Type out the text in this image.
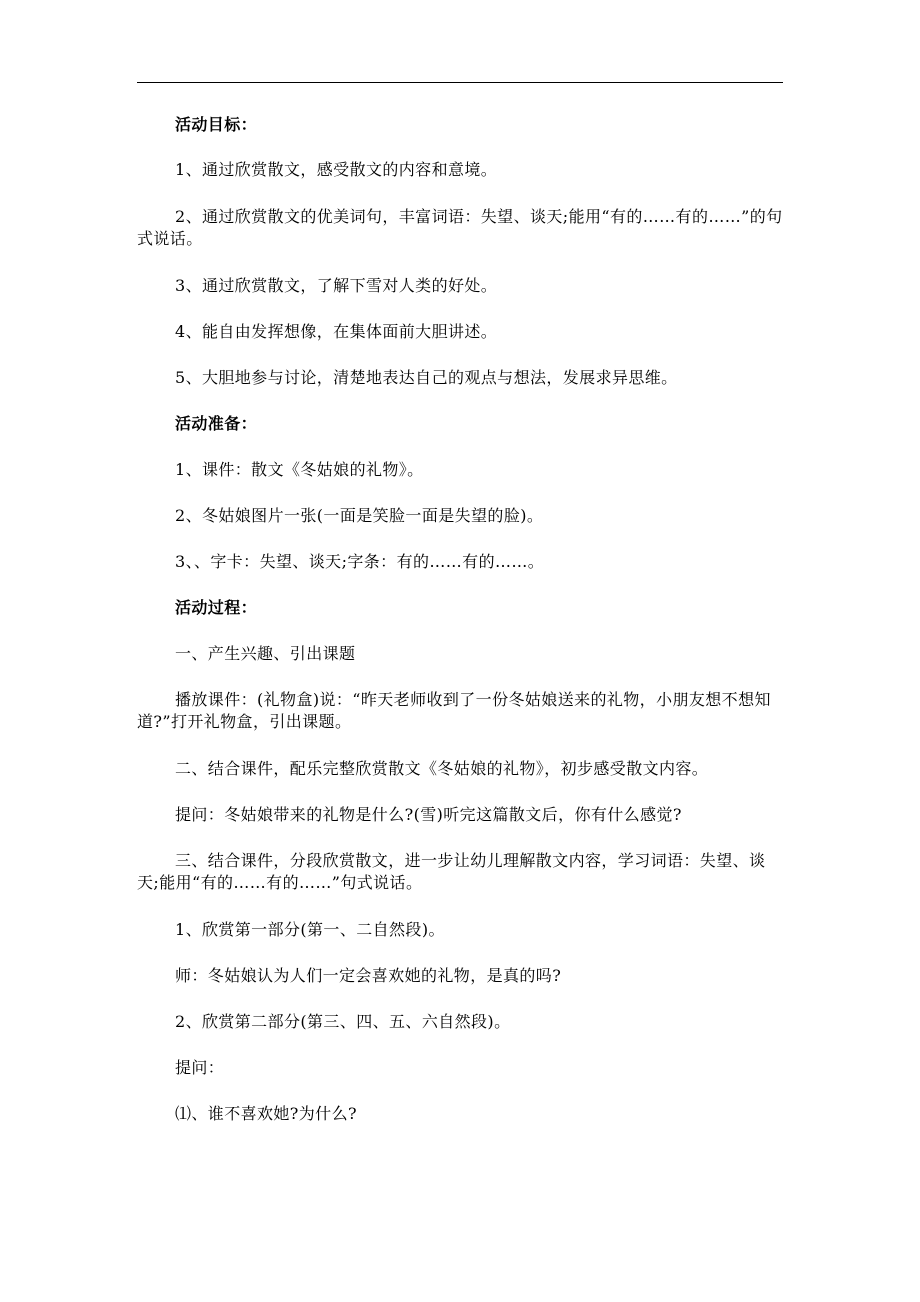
活动目标：
1、通过欣赏散文，感受散文的内容和意境。
2、通过欣赏散文的优美词句，丰富词语：失望、谈天;能用“有的……有的……”的句式说话。
3、通过欣赏散文，了解下雪对人类的好处。
4、能自由发挥想像，在集体面前大胆讲述。
5、大胆地参与讨论，清楚地表达自己的观点与想法，发展求异思维。
活动准备：
1、课件：散文《冬姑娘的礼物》。
2、冬姑娘图片一张(一面是笑脸一面是失望的脸)。
3、、字卡：失望、谈天;字条：有的……有的……。
活动过程：
一、产生兴趣、引出课题
播放课件：(礼物盒)说：“昨天老师收到了一份冬姑娘送来的礼物，小朋友想不想知道?”打开礼物盒，引出课题。
二、结合课件，配乐完整欣赏散文《冬姑娘的礼物》，初步感受散文内容。
提问：冬姑娘带来的礼物是什么?(雪)听完这篇散文后，你有什么感觉?
三、结合课件，分段欣赏散文，进一步让幼儿理解散文内容，学习词语：失望、谈天;能用“有的……有的……”句式说话。
1、欣赏第一部分(第一、二自然段)。
师：冬姑娘认为人们一定会喜欢她的礼物，是真的吗?
2、欣赏第二部分(第三、四、五、六自然段)。
提问：
⑴、谁不喜欢她?为什么?
